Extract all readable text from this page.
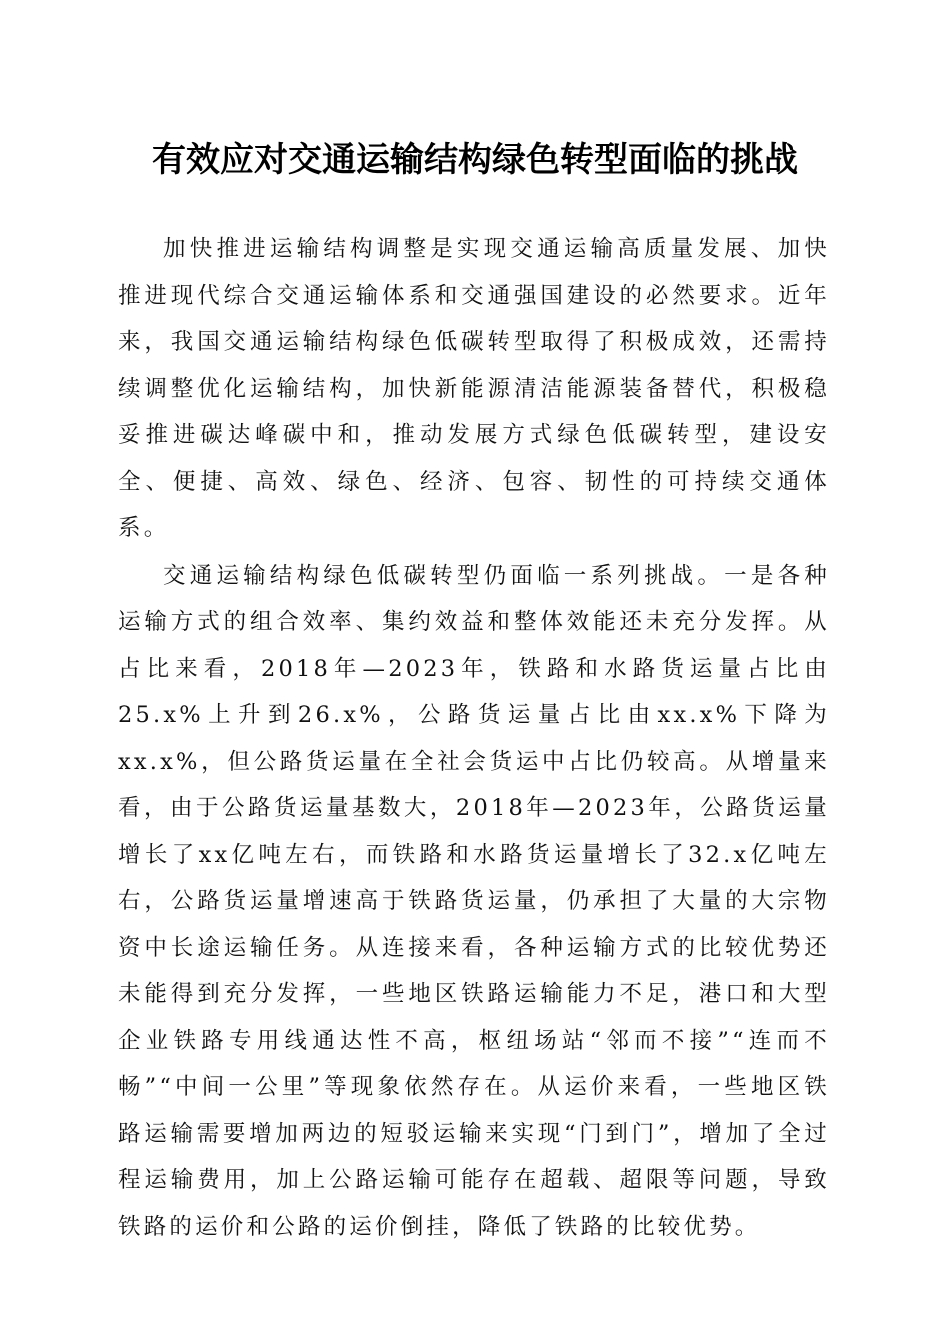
有效应对交通运输结构绿色转型面临的挑战

加快推进运输结构调整是实现交通运输高质量发展、加快推进现代综合交通运输体系和交通强国建设的必然要求。近年来，我国交通运输结构绿色低碳转型取得了积极成效，还需持续调整优化运输结构，加快新能源清洁能源装备替代，积极稳妥推进碳达峰碳中和，推动发展方式绿色低碳转型，建设安全、便捷、高效、绿色、经济、包容、韧性的可持续交通体系。

交通运输结构绿色低碳转型仍面临一系列挑战。一是各种运输方式的组合效率、集约效益和整体效能还未充分发挥。从占比来看，2018年—2023年，铁路和水路货运量占比由25.x%上升到26.x%，公路货运量占比由xx.x%下降为xx.x%，但公路货运量在全社会货运中占比仍较高。从增量来看，由于公路货运量基数大，2018年—2023年，公路货运量增长了xx亿吨左右，而铁路和水路货运量增长了32.x亿吨左右，公路货运量增速高于铁路货运量，仍承担了大量的大宗物资中长途运输任务。从连接来看，各种运输方式的比较优势还未能得到充分发挥，一些地区铁路运输能力不足，港口和大型企业铁路专用线通达性不高，枢纽场站“邻而不接”“连而不畅”“中间一公里”等现象依然存在。从运价来看，一些地区铁路运输需要增加两边的短驳运输来实现“门到门”，增加了全过程运输费用，加上公路运输可能存在超载、超限等问题，导致铁路的运价和公路的运价倒挂，降低了铁路的比较优势。
